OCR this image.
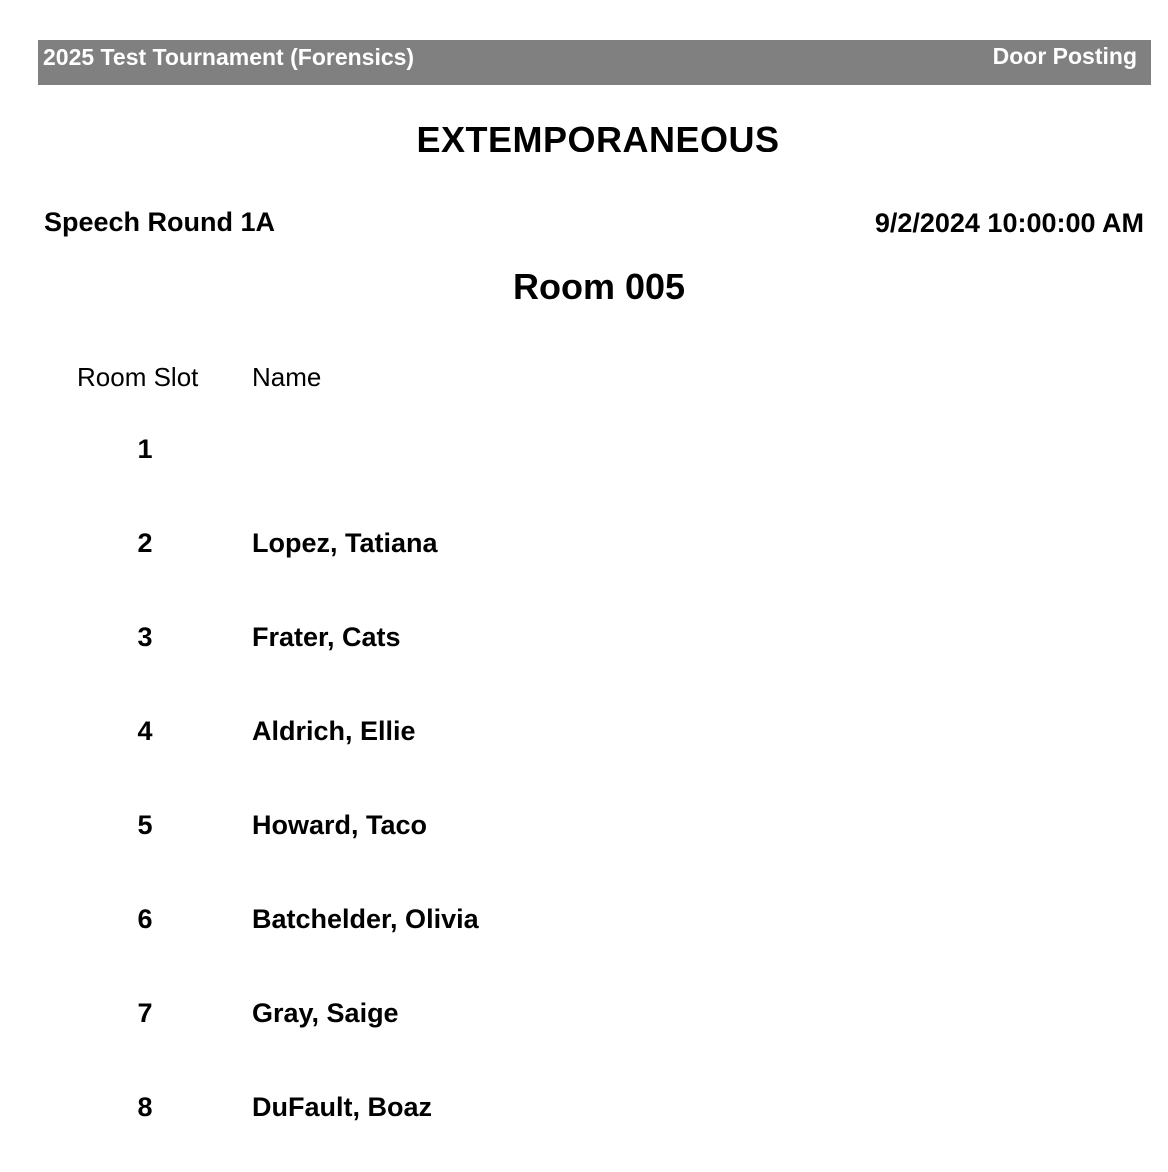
2025 Test Tournament (Forensics)	Door Posting
EXTEMPORANEOUS
Speech Round 1A	9/2/2024 10:00:00 AM
Room 005
Room Slot Name
1
2	Lopez, Tatiana
3	Frater, Cats
4	Aldrich, Ellie
5	Howard, Taco
6	Batchelder, Olivia
7	Gray, Saige
8	DuFault, Boaz
